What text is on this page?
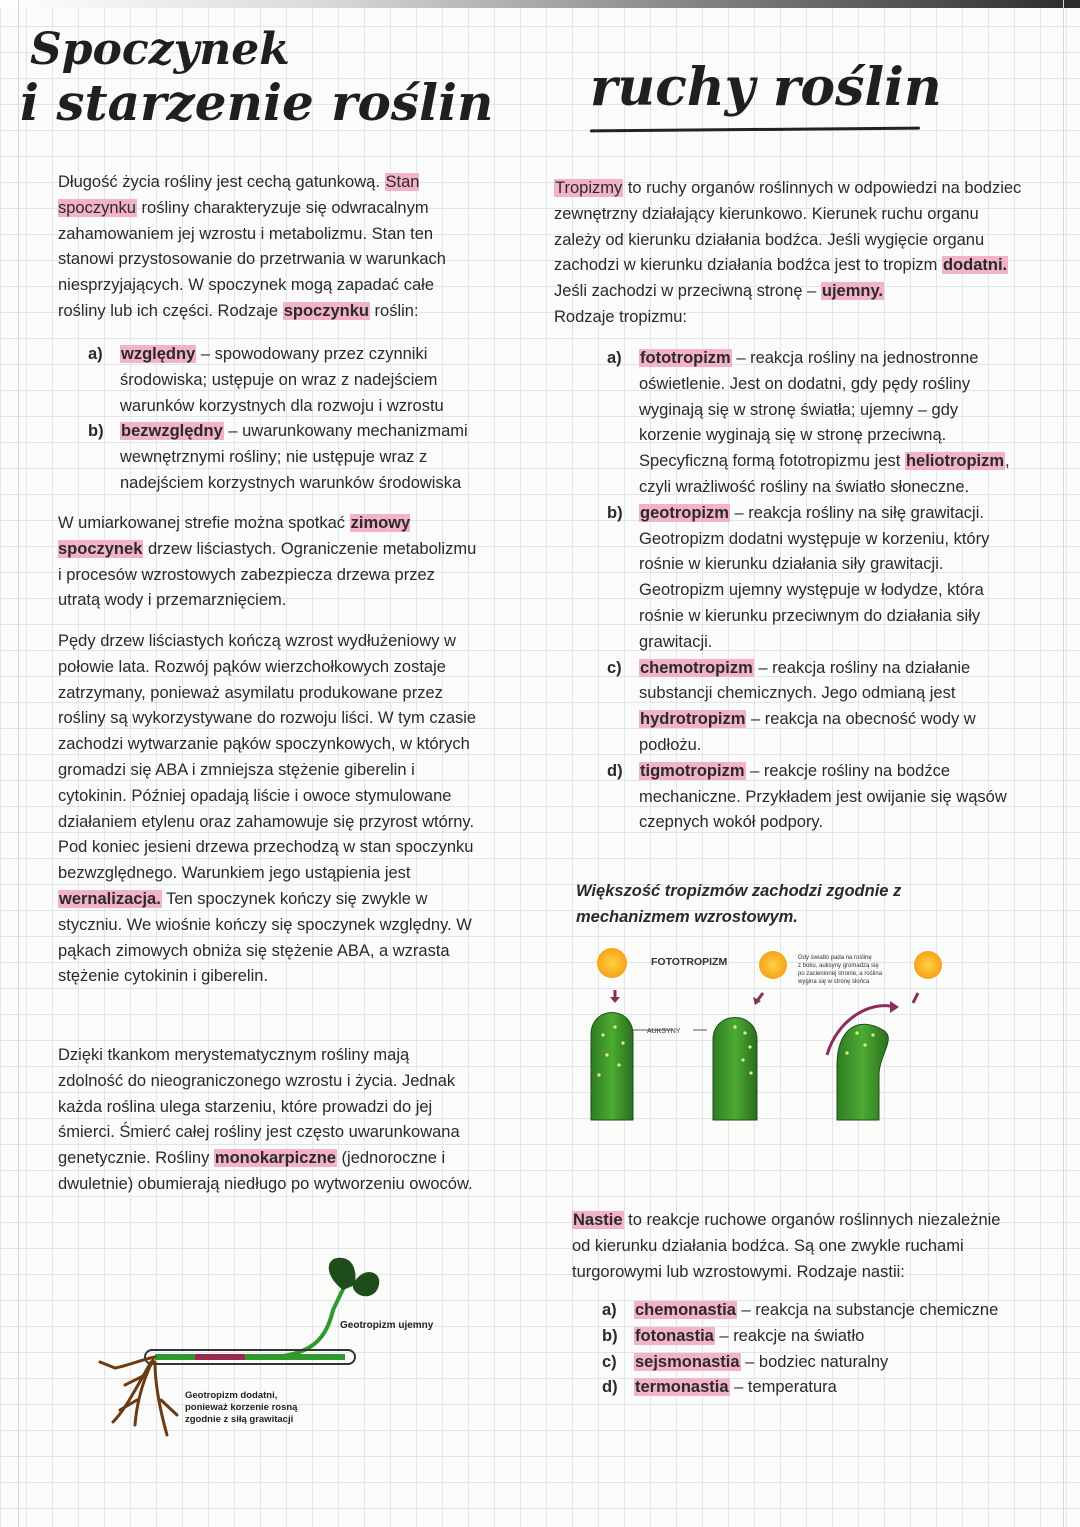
Spoczynek
i starzenie roślin

Długość życia rośliny jest cechą gatunkową. Stan spoczynku rośliny charakteryzuje się odwracalnym zahamowaniem jej wzrostu i metabolizmu. Stan ten stanowi przystosowanie do przetrwania w warunkach niesprzyjających. W spoczynek mogą zapadać całe rośliny lub ich części. Rodzaje spoczynku roślin:

a) względny – spowodowany przez czynniki środowiska; ustępuje on wraz z nadejściem warunków korzystnych dla rozwoju i wzrostu
b) bezwzględny – uwarunkowany mechanizmami wewnętrznymi rośliny; nie ustępuje wraz z nadejściem korzystnych warunków środowiska

W umiarkowanej strefie można spotkać zimowy spoczynek drzew liściastych. Ograniczenie metabolizmu i procesów wzrostowych zabezpiecza drzewa przez utratą wody i przemarznięciem.

Pędy drzew liściastych kończą wzrost wydłużeniowy w połowie lata. Rozwój pąków wierzchołkowych zostaje zatrzymany, ponieważ asymilatu produkowane przez rośliny są wykorzystywane do rozwoju liści. W tym czasie zachodzi wytwarzanie pąków spoczynkowych, w których gromadzi się ABA i zmniejsza stężenie giberelin i cytokinin. Później opadają liście i owoce stymulowane działaniem etylenu oraz zahamowuje się przyrost wtórny. Pod koniec jesieni drzewa przechodzą w stan spoczynku bezwzględnego. Warunkiem jego ustąpienia jest wernalizacja. Ten spoczynek kończy się zwykle w styczniu. We wiośnie kończy się spoczynek względny. W pąkach zimowych obniża się stężenie ABA, a wzrasta stężenie cytokinin i giberelin.

Dzięki tkankom merystematycznym rośliny mają zdolność do nieograniczonego wzrostu i życia. Jednak każda roślina ulega starzeniu, które prowadzi do jej śmierci. Śmierć całej rośliny jest często uwarunkowana genetycznie. Rośliny monokarpiczne (jednoroczne i dwuletnie) obumierają niedługo po wytworzeniu owoców.

Geotropizm ujemny
Geotropizm dodatni,
ponieważ korzenie rosną
zgodnie z siłą grawitacji
ruchy roślin

Tropizmy to ruchy organów roślinnych w odpowiedzi na bodziec zewnętrzny działający kierunkowo. Kierunek ruchu organu zależy od kierunku działania bodźca. Jeśli wygięcie organu zachodzi w kierunku działania bodźca jest to tropizm dodatni. Jeśli zachodzi w przeciwną stronę – ujemny.
Rodzaje tropizmu:

a) fototropizm – reakcja rośliny na jednostronne oświetlenie. Jest on dodatni, gdy pędy rośliny wyginają się w stronę światła; ujemny – gdy korzenie wyginają się w stronę przeciwną. Specyficzną formą fototropizmu jest heliotropizm, czyli wrażliwość rośliny na światło słoneczne.
b) geotropizm – reakcja rośliny na siłę grawitacji. Geotropizm dodatni występuje w korzeniu, który rośnie w kierunku działania siły grawitacji. Geotropizm ujemny występuje w łodydze, która rośnie w kierunku przeciwnym do działania siły grawitacji.
c) chemotropizm – reakcja rośliny na działanie substancji chemicznych. Jego odmianą jest hydrotropizm – reakcja na obecność wody w podłożu.
d) tigmotropizm – reakcje rośliny na bodźce mechaniczne. Przykładem jest owijanie się wąsów czepnych wokół podpory.

Większość tropizmów zachodzi zgodnie z mechanizmem wzrostowym.

FOTOTROPIZM	Gdy światło pada na roślinę
z boku, auksyny gromadzą się
po zacienionej stronie, a roślina
wygina się w stronę słońca
AUKSYNY

Nastie to reakcje ruchowe organów roślinnych niezależnie od kierunku działania bodźca. Są one zwykle ruchami turgorowymi lub wzrostowymi. Rodzaje nastii:

a) chemonastia – reakcja na substancje chemiczne
b) fotonastia – reakcje na światło
c) sejsmonastia – bodziec naturalny
d) termonastia – temperatura
